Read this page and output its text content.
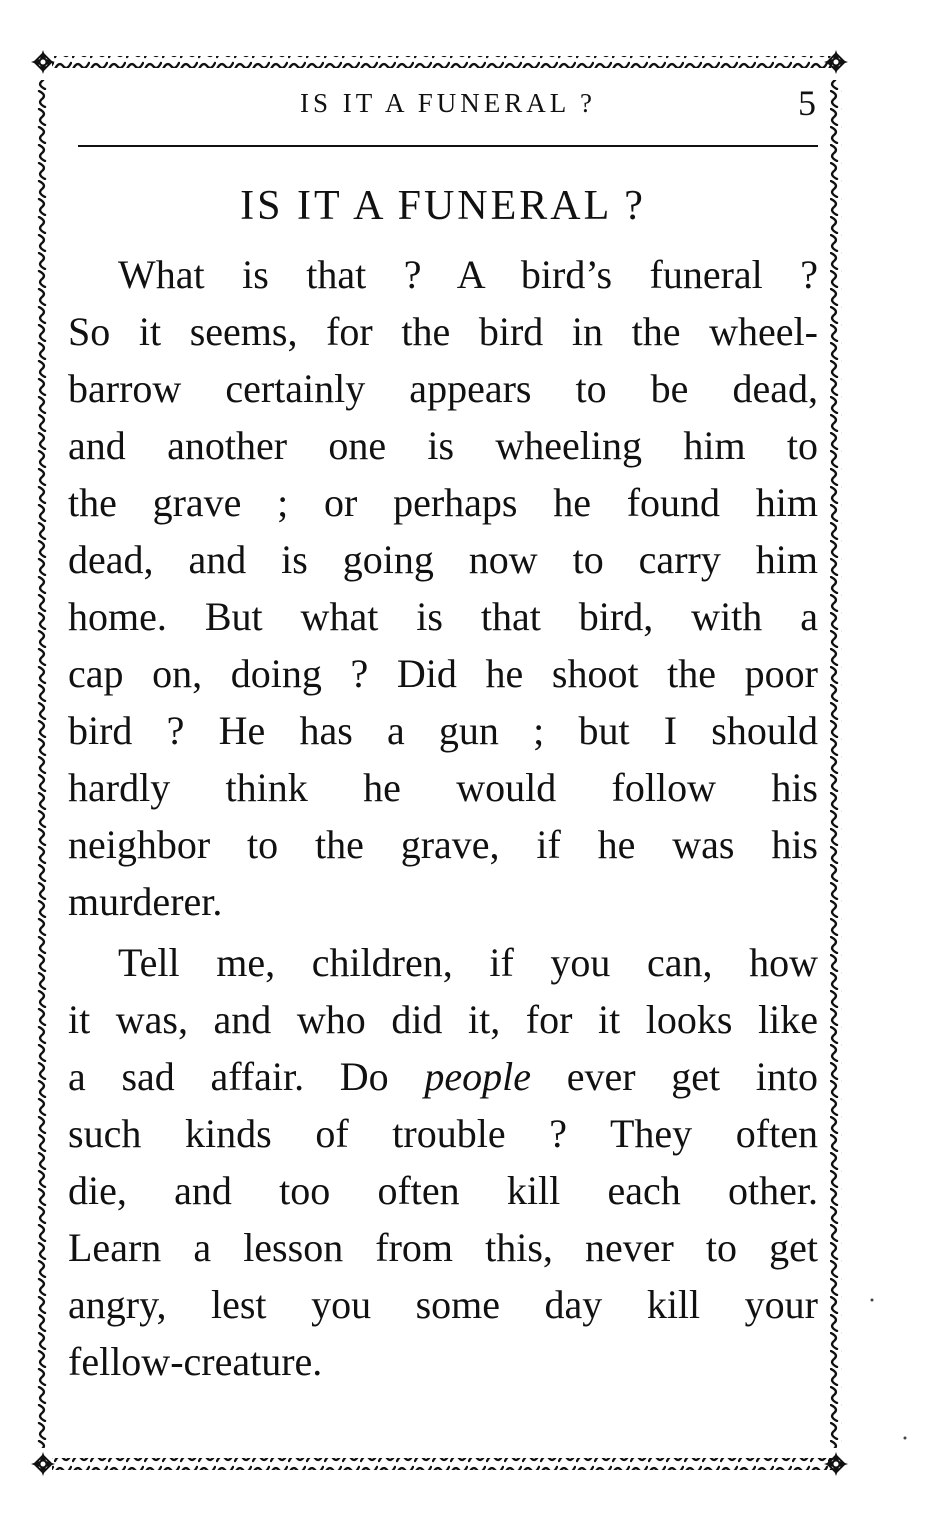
IS IT A FUNERAL ?	5
IS IT A FUNERAL ?
What is that ? A bird’s funeral ?
So it seems, for the bird in the wheel-
barrow certainly appears to be dead,
and another one is wheeling him to
the grave ; or perhaps he found him
dead, and is going now to carry him
home. But what is that bird, with a
cap on, doing ? Did he shoot the poor
bird ? He has a gun ; but I should
hardly think he would follow his
neighbor to the grave, if he was his
murderer.
Tell me, children, if you can, how
it was, and who did it, for it looks like
a sad affair. Do people ever get into
such kinds of trouble ? They often
die, and too often kill each other.
Learn a lesson from this, never to get
angry, lest you some day kill your
fellow-creature.
